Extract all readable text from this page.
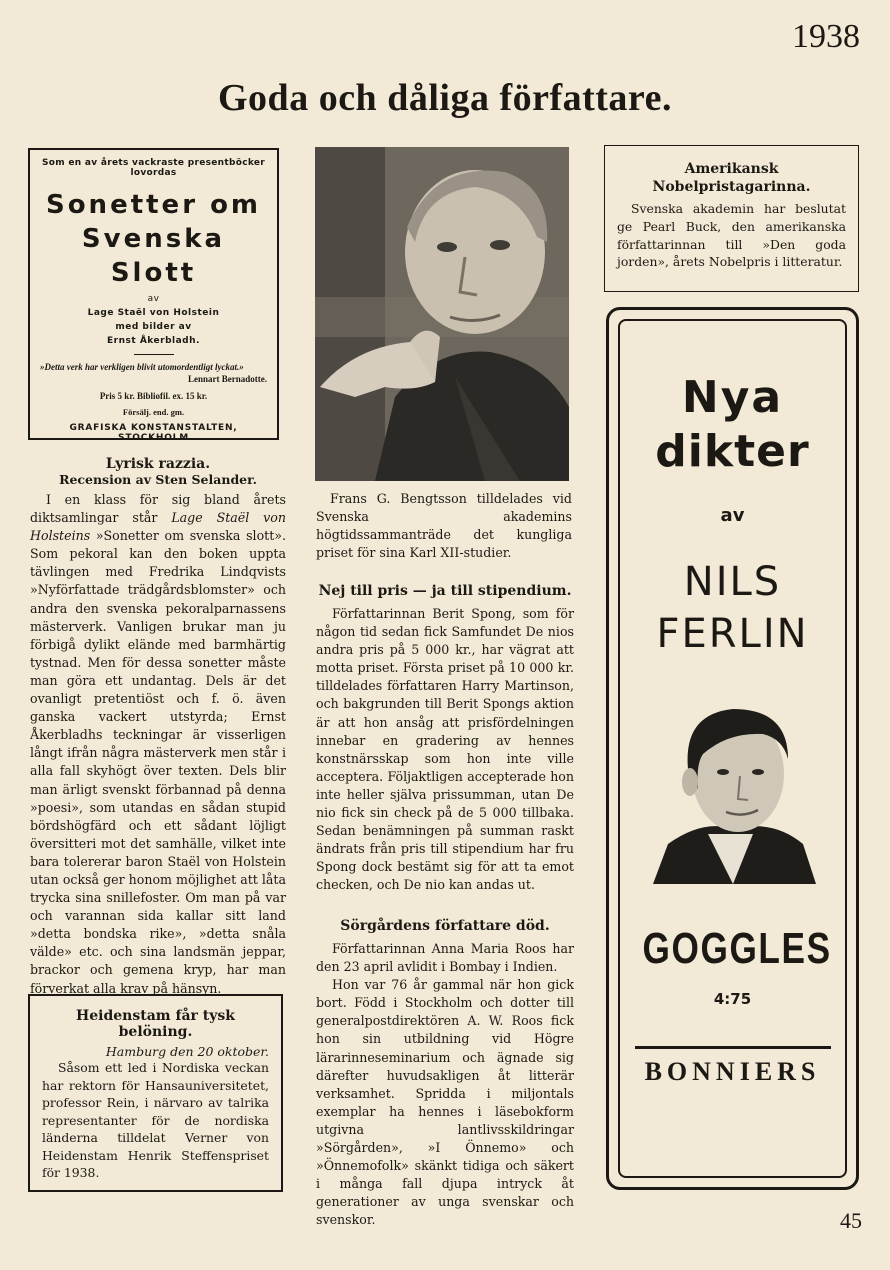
1938
Goda och dåliga författare.
Som en av årets vackraste presentböcker lovordas
Sonetter om
Svenska Slott
av
Lage Staël von Holstein
med bilder av
Ernst Åkerbladh.
»Detta verk har verkligen blivit utomordentligt lyckat.»
Lennart Bernadotte.
Pris 5 kr. Bibliofil. ex. 15 kr.
Försälj. end. gm.
GRAFISKA KONSTANSTALTEN, STOCKHOLM
Lyrisk razzia.
Recension av Sten Selander.

I en klass för sig bland årets diktsamlingar står Lage Staël von Holsteins »Sonetter om svenska slott». Som pekoral kan den boken uppta tävlingen med Fredrika Lindqvists »Nyförfattade trädgårdsblomster» och andra den svenska pekoralparnassens mästerverk. Vanligen brukar man ju förbigå dylikt elände med barmhärtig tystnad. Men för dessa sonetter måste man göra ett undantag. Dels är det ovanligt pretentiöst och f. ö. även ganska vackert utstyrda; Ernst Åkerbladhs teckningar är visserligen långt ifrån några mästerverk men står i alla fall skyhögt över texten. Dels blir man ärligt svenskt förbannad på denna »poesi», som utandas en sådan stupid bördshögfärd och ett sådant löjligt översitteri mot det samhälle, vilket inte bara tolererar baron Staël von Holstein utan också ger honom möjlighet att låta trycka sina snillefoster. Om man på var och varannan sida kallar sitt land »detta bondska rike», »detta snåla välde» etc. och sina landsmän jeppar, brackor och gemena kryp, har man förverkat alla krav på hänsyn.

Heidenstam får tysk belöning.
Hamburg den 20 oktober.

Såsom ett led i Nordiska veckan har rektorn för Hansauniversitetet, professor Rein, i närvaro av talrika representanter för de nordiska länderna tilldelat Verner von Heidenstam Henrik Steffenspriset för 1938.

Frans G. Bengtsson tilldelades vid Svenska akademins högtidssammanträde det kungliga priset för sina Karl XII-studier.

Nej till pris — ja till stipendium.

Författarinnan Berit Spong, som för någon tid sedan fick Samfundet De nios andra pris på 5 000 kr., har vägrat att motta priset. Första priset på 10 000 kr. tilldelades författaren Harry Martinson, och bakgrunden till Berit Spongs aktion är att hon ansåg att prisfördelningen innebar en gradering av hennes konstnärsskap som hon inte ville acceptera. Följaktligen accepterade hon inte heller själva prissumman, utan De nio fick sin check på de 5 000 tillbaka. Sedan benämningen på summan raskt ändrats från pris till stipendium har fru Spong dock bestämt sig för att ta emot checken, och De nio kan andas ut.

Sörgårdens författare död.

Författarinnan Anna Maria Roos har den 23 april avlidit i Bombay i Indien.

Hon var 76 år gammal när hon gick bort. Född i Stockholm och dotter till generalpostdirektören A. W. Roos fick hon sin utbildning vid Högre lärarinneseminarium och ägnade sig därefter huvudsakligen åt litterär verksamhet. Spridda i miljontals exemplar ha hennes i läsebokform utgivna lantlivsskildringar »Sörgården», »I Önnemo» och »Önnemofolk» skänkt tidiga och säkert i många fall djupa intryck åt generationer av unga svenskar och svenskor.

Amerikansk
Nobelpristagarinna.

Svenska akademin har beslutat ge Pearl Buck, den amerikanska författarinnan till »Den goda jorden», årets Nobelpris i litteratur.

Nya
dikter
av
NILS
FERLIN
GOGGLES
4:75
BONNIERS
45
